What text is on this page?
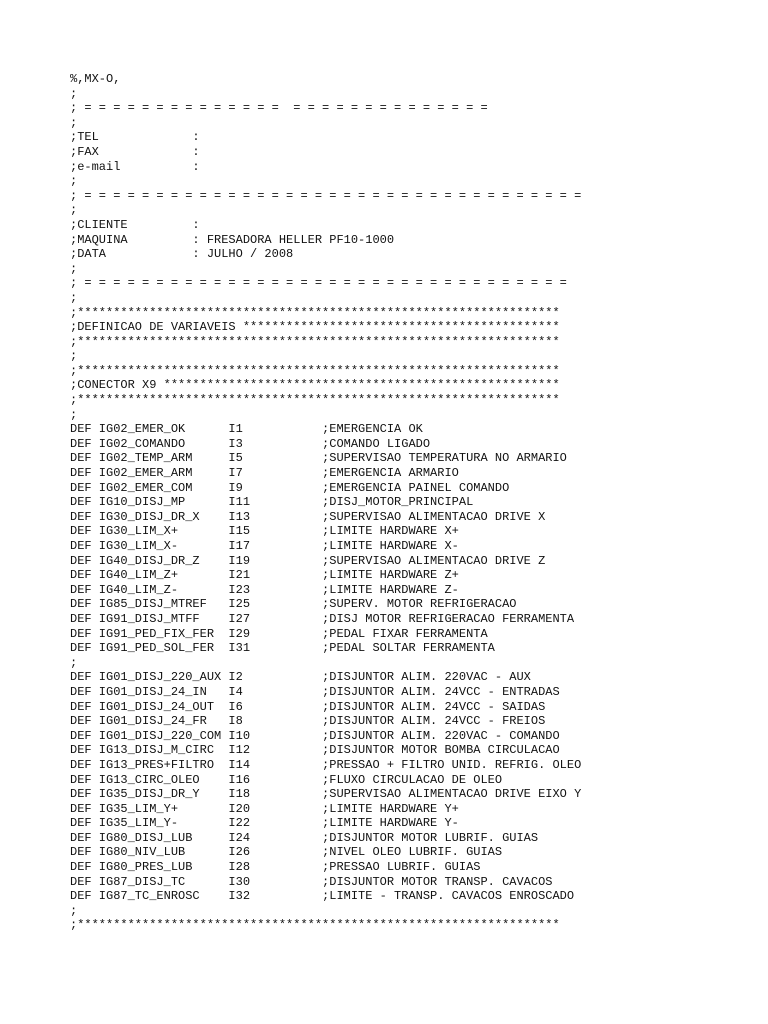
%,MX-O,
;
; = = = = = = = = = = = = = =  = = = = = = = = = = = = = =
;
;TEL             :
;FAX             :
;e-mail          :
;
; = = = = = = = = = = = = = = = = = = = = = = = = = = = = = = = = = = =
;
;CLIENTE         :
;MAQUINA         : FRESADORA HELLER PF10-1000
;DATA            : JULHO / 2008
;
; = = = = = = = = = = = = = = = = = = = = = = = = = = = = = = = = = =
;
;*******************************************************************
;DEFINICAO DE VARIAVEIS ********************************************
;*******************************************************************
;
;*******************************************************************
;CONECTOR X9 *******************************************************
;*******************************************************************
;
DEF IG02_EMER_OK      I1           ;EMERGENCIA OK
DEF IG02_COMANDO      I3           ;COMANDO LIGADO
DEF IG02_TEMP_ARM     I5           ;SUPERVISAO TEMPERATURA NO ARMARIO
DEF IG02_EMER_ARM     I7           ;EMERGENCIA ARMARIO
DEF IG02_EMER_COM     I9           ;EMERGENCIA PAINEL COMANDO
DEF IG10_DISJ_MP      I11          ;DISJ_MOTOR_PRINCIPAL
DEF IG30_DISJ_DR_X    I13          ;SUPERVISAO ALIMENTACAO DRIVE X
DEF IG30_LIM_X+       I15          ;LIMITE HARDWARE X+
DEF IG30_LIM_X-       I17          ;LIMITE HARDWARE X-
DEF IG40_DISJ_DR_Z    I19          ;SUPERVISAO ALIMENTACAO DRIVE Z
DEF IG40_LIM_Z+       I21          ;LIMITE HARDWARE Z+
DEF IG40_LIM_Z-       I23          ;LIMITE HARDWARE Z-
DEF IG85_DISJ_MTREF   I25          ;SUPERV. MOTOR REFRIGERACAO
DEF IG91_DISJ_MTFF    I27          ;DISJ MOTOR REFRIGERACAO FERRAMENTA
DEF IG91_PED_FIX_FER  I29          ;PEDAL FIXAR FERRAMENTA
DEF IG91_PED_SOL_FER  I31          ;PEDAL SOLTAR FERRAMENTA
;
DEF IG01_DISJ_220_AUX I2           ;DISJUNTOR ALIM. 220VAC - AUX
DEF IG01_DISJ_24_IN   I4           ;DISJUNTOR ALIM. 24VCC - ENTRADAS
DEF IG01_DISJ_24_OUT  I6           ;DISJUNTOR ALIM. 24VCC - SAIDAS
DEF IG01_DISJ_24_FR   I8           ;DISJUNTOR ALIM. 24VCC - FREIOS
DEF IG01_DISJ_220_COM I10          ;DISJUNTOR ALIM. 220VAC - COMANDO
DEF IG13_DISJ_M_CIRC  I12          ;DISJUNTOR MOTOR BOMBA CIRCULACAO
DEF IG13_PRES+FILTRO  I14          ;PRESSAO + FILTRO UNID. REFRIG. OLEO
DEF IG13_CIRC_OLEO    I16          ;FLUXO CIRCULACAO DE OLEO
DEF IG35_DISJ_DR_Y    I18          ;SUPERVISAO ALIMENTACAO DRIVE EIXO Y
DEF IG35_LIM_Y+       I20          ;LIMITE HARDWARE Y+
DEF IG35_LIM_Y-       I22          ;LIMITE HARDWARE Y-
DEF IG80_DISJ_LUB     I24          ;DISJUNTOR MOTOR LUBRIF. GUIAS
DEF IG80_NIV_LUB      I26          ;NIVEL OLEO LUBRIF. GUIAS
DEF IG80_PRES_LUB     I28          ;PRESSAO LUBRIF. GUIAS
DEF IG87_DISJ_TC      I30          ;DISJUNTOR MOTOR TRANSP. CAVACOS
DEF IG87_TC_ENROSC    I32          ;LIMITE - TRANSP. CAVACOS ENROSCADO
;
;*******************************************************************
